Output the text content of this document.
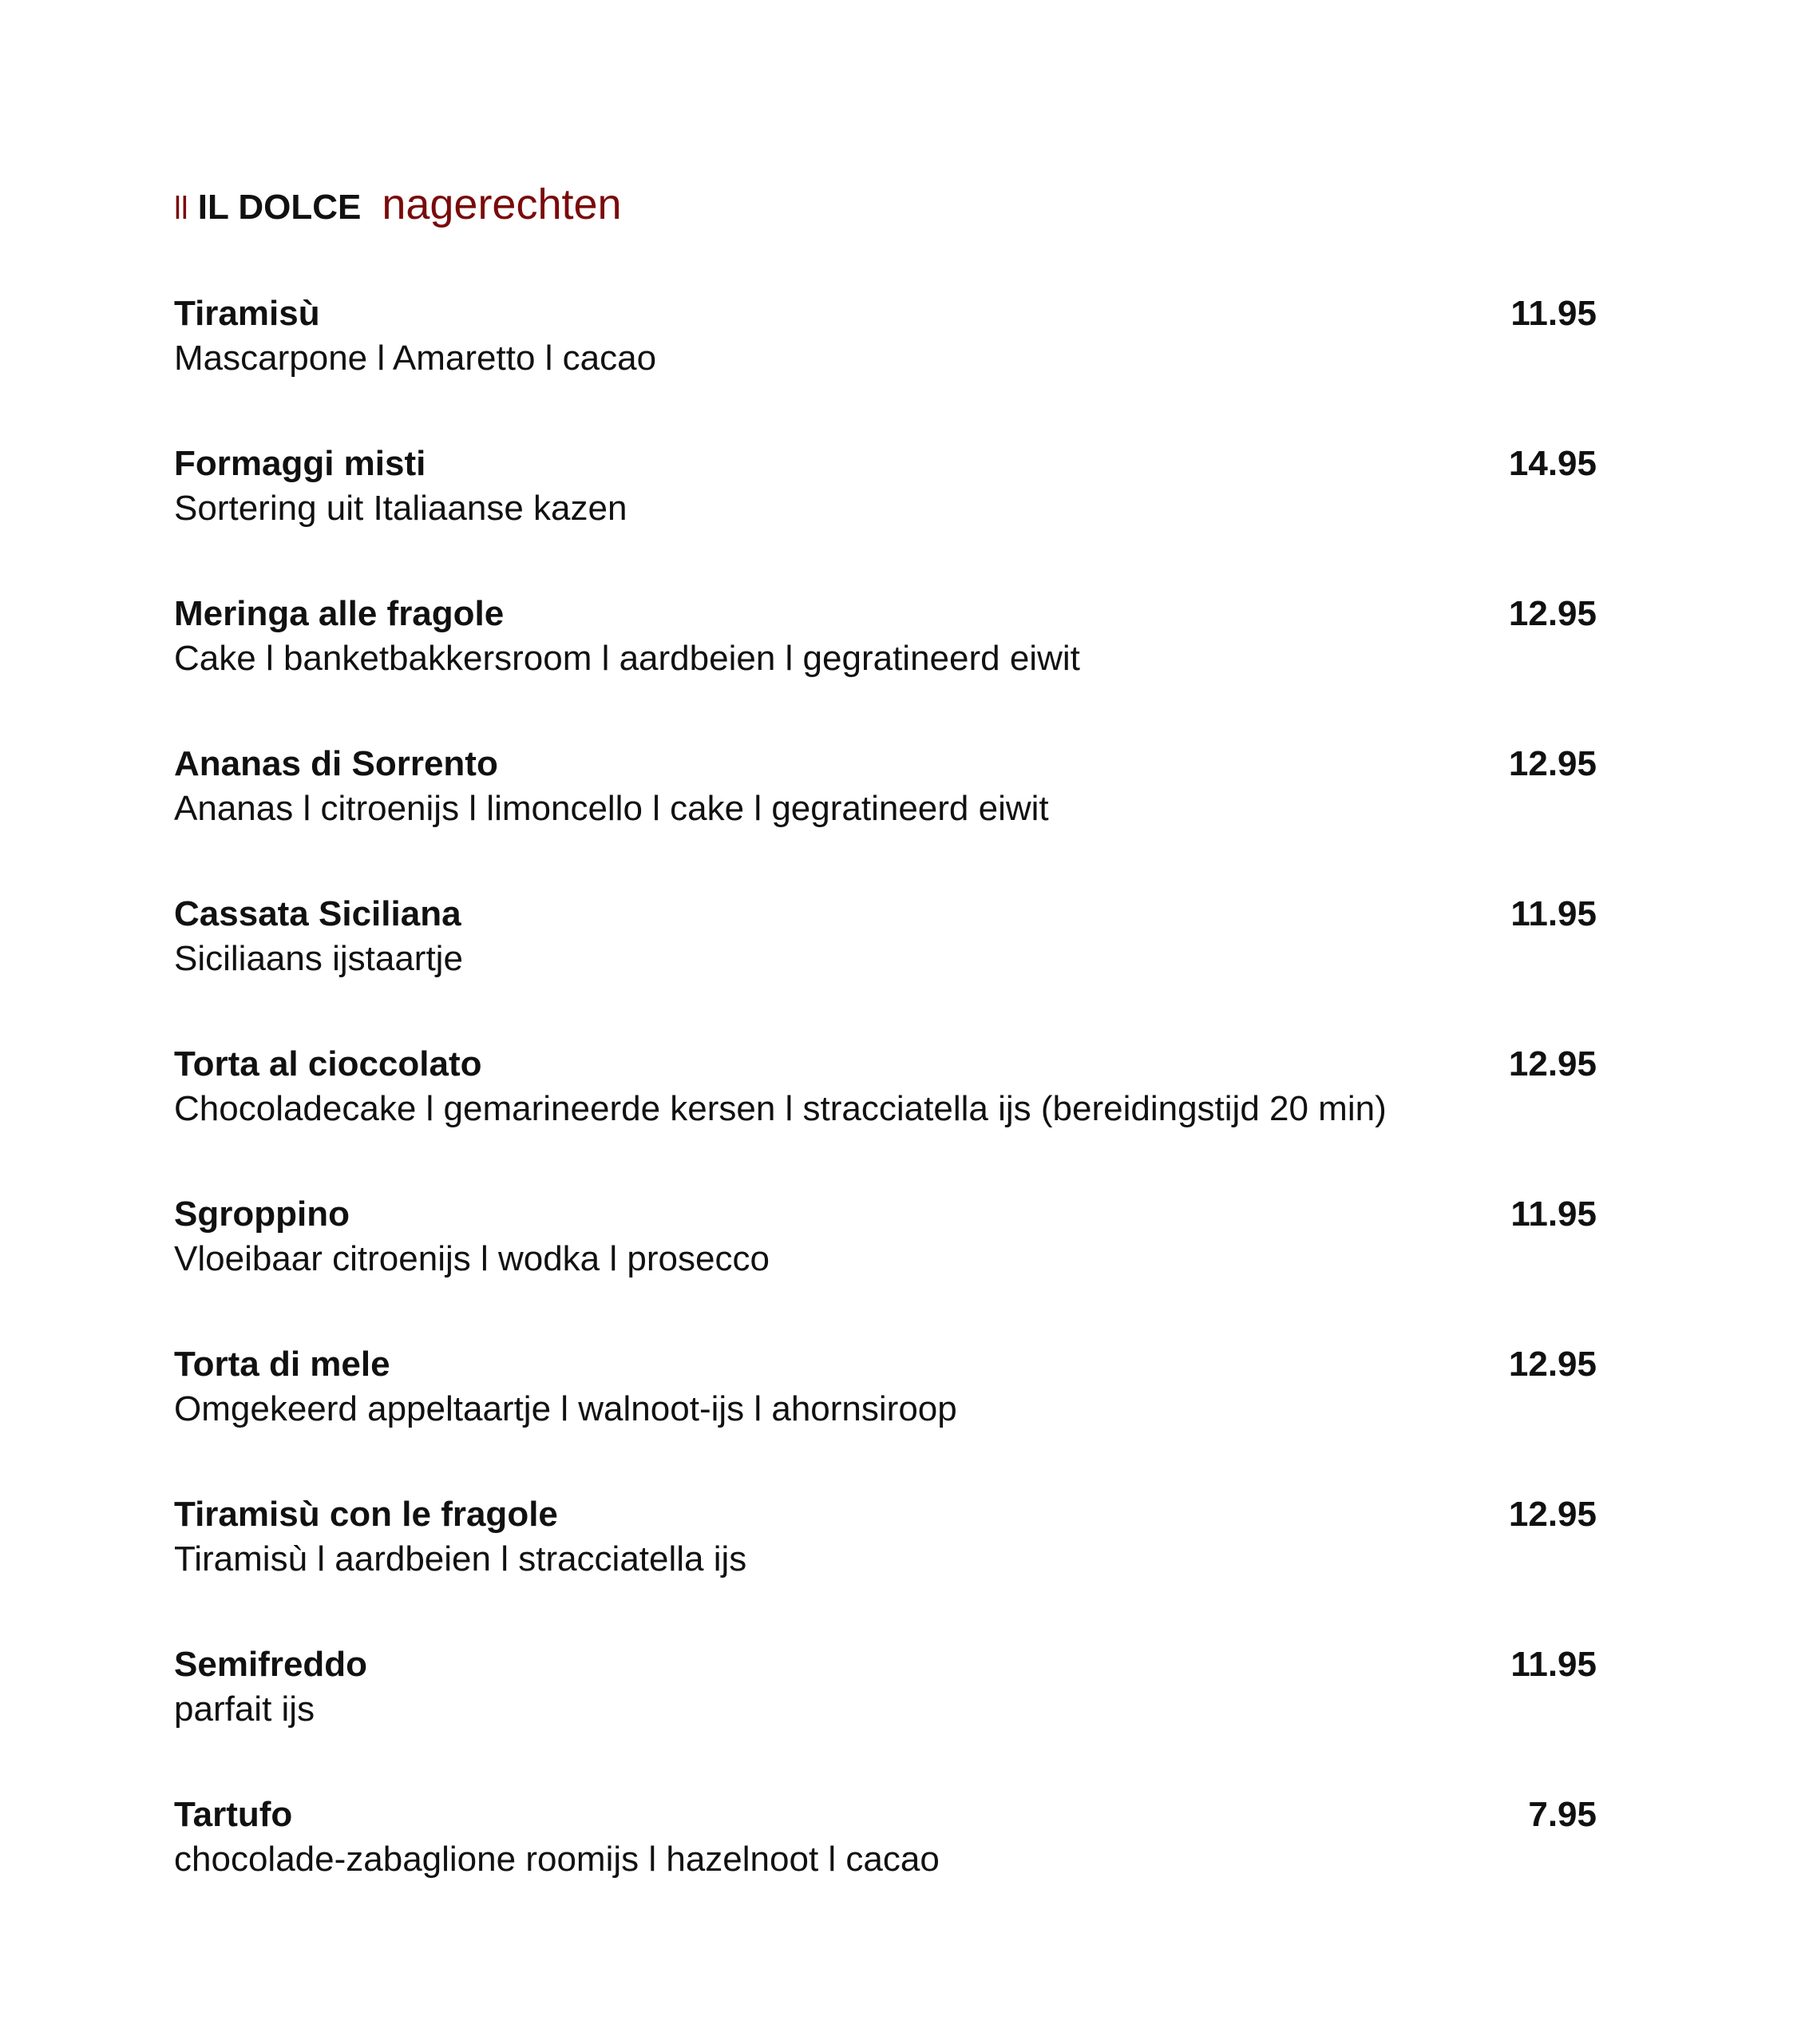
ll IL DOLCE nagerechten
Tiramisù	11.95
Mascarpone l Amaretto l cacao
Formaggi misti	14.95
Sortering uit Italiaanse kazen
Meringa alle fragole	12.95
Cake l banketbakkersroom l aardbeien l gegratineerd eiwit
Ananas di Sorrento	12.95
Ananas l citroenijs l limoncello l cake l gegratineerd eiwit
Cassata Siciliana	11.95
Siciliaans ijstaartje
Torta al cioccolato	12.95
Chocoladecake l gemarineerde kersen l stracciatella ijs (bereidingstijd 20 min)
Sgroppino	11.95
Vloeibaar citroenijs l wodka l prosecco
Torta di mele	12.95
Omgekeerd appeltaartje l walnoot-ijs l ahornsiroop
Tiramisù con le fragole	12.95
Tiramisù l aardbeien l stracciatella ijs
Semifreddo	11.95
parfait ijs
Tartufo	7.95
chocolade-zabaglione roomijs l hazelnoot l cacao
